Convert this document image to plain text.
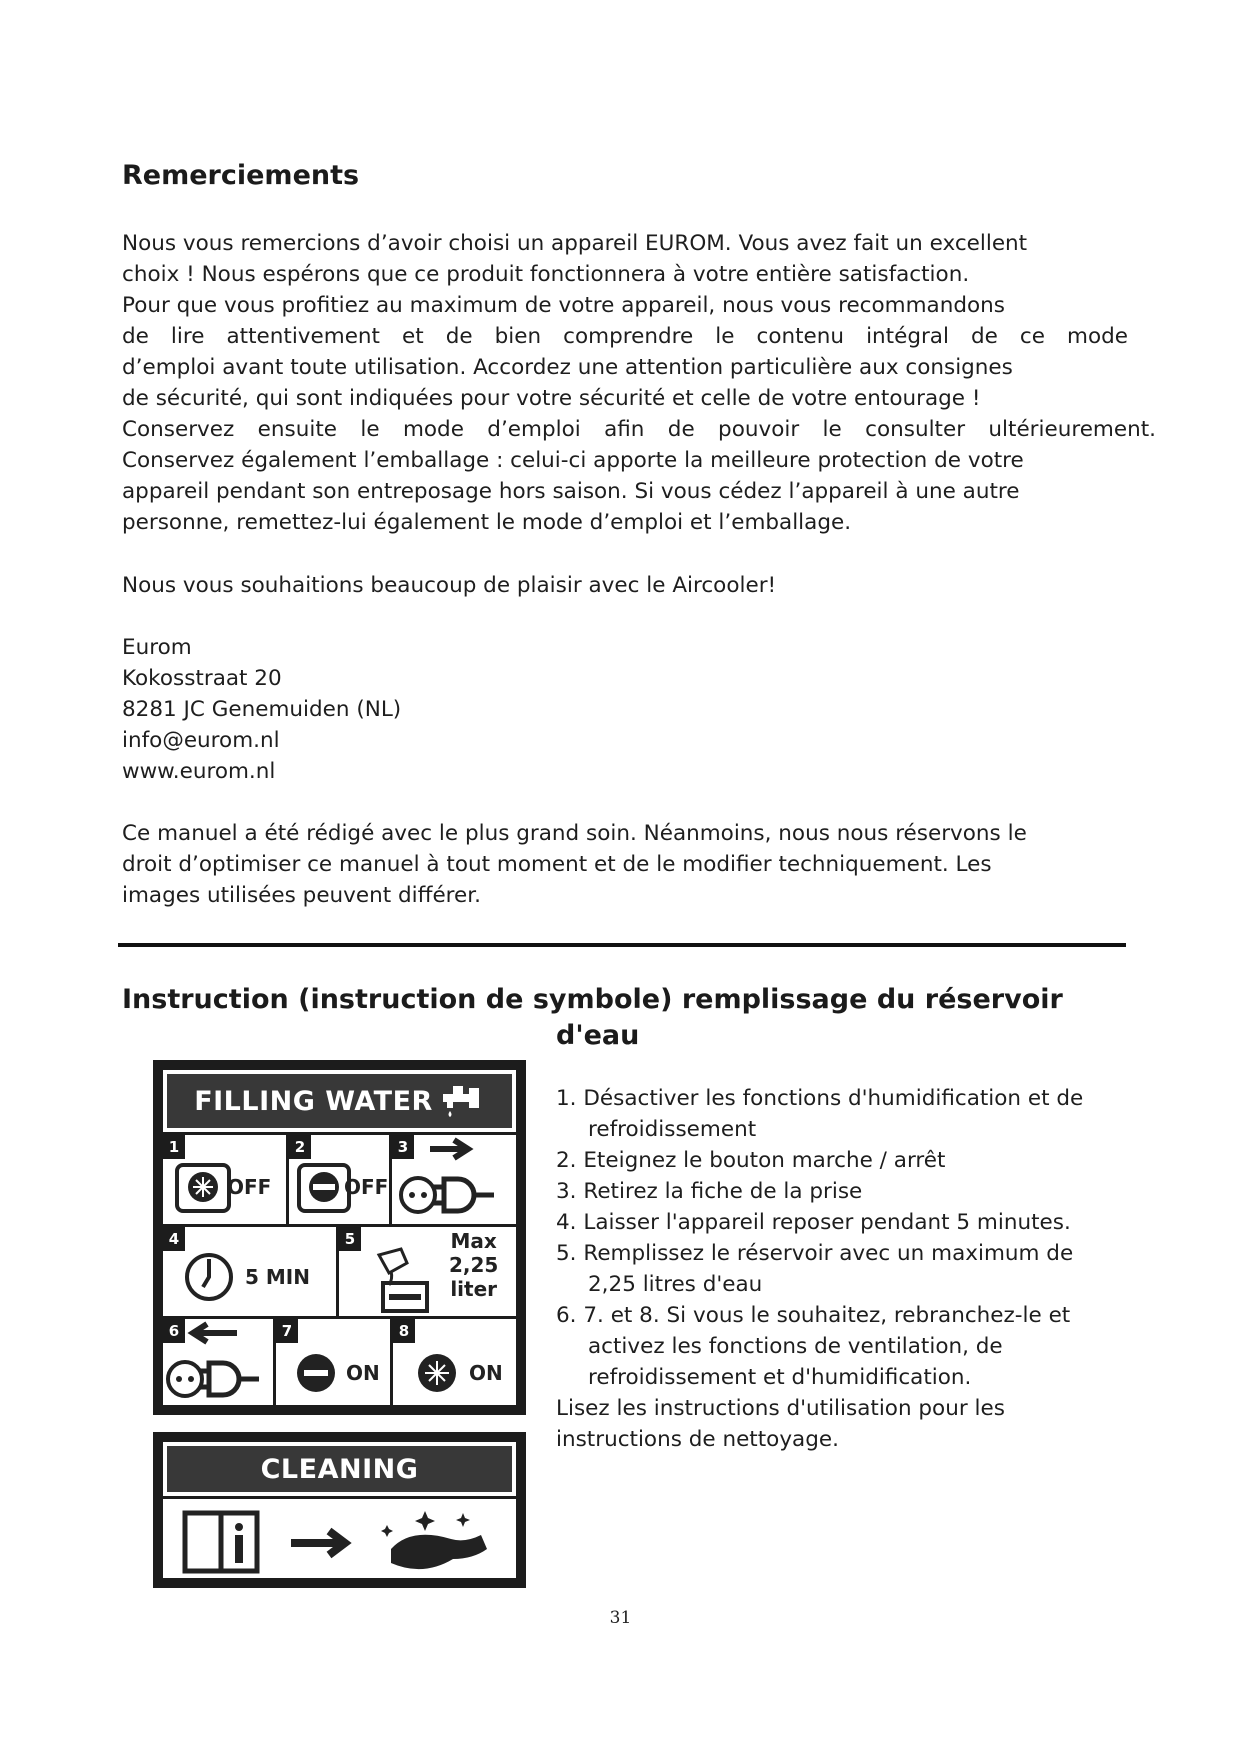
Remerciements

Nous vous remercions d’avoir choisi un appareil EUROM. Vous avez fait un excellent

choix ! Nous espérons que ce produit fonctionnera à votre entière satisfaction.

Pour que vous profitiez au maximum de votre appareil, nous vous recommandons

de lire attentivement et de bien comprendre le contenu intégral de ce mode

d’emploi avant toute utilisation. Accordez une attention particulière aux consignes

de sécurité, qui sont indiquées pour votre sécurité et celle de votre entourage !

Conservez ensuite le mode d’emploi afin de pouvoir le consulter ultérieurement.

Conservez également l’emballage : celui-ci apporte la meilleure protection de votre

appareil pendant son entreposage hors saison. Si vous cédez l’appareil à une autre

personne, remettez-lui également le mode d’emploi et l’emballage.

Nous vous souhaitions beaucoup de plaisir avec le Aircooler!

Eurom

Kokosstraat 20

8281 JC Genemuiden (NL)

info@eurom.nl

www.eurom.nl

Ce manuel a été rédigé avec le plus grand soin. Néanmoins, nous nous réservons le

droit d’optimiser ce manuel à tout moment et de le modifier techniquement. Les

images utilisées peuvent différer.

Instruction (instruction de symbole) remplissage du réservoir
d'eau
FILLING WATER
1
OFF
2
OFF
3
4
5 MIN
5	Max
2,25
liter
6	7
ON
8
ON
CLEANING
1. Désactiver les fonctions d'humidification et de refroidissement
2. Eteignez le bouton marche / arrêt
3. Retirez la fiche de la prise
4. Laisser l'appareil reposer pendant 5 minutes.
5. Remplissez le réservoir avec un maximum de 2,25 litres d'eau
6. 7. et 8. Si vous le souhaitez, rebranchez-le et activez les fonctions de ventilation, de refroidissement et d'humidification.
Lisez les instructions d'utilisation pour les instructions de nettoyage.
31
